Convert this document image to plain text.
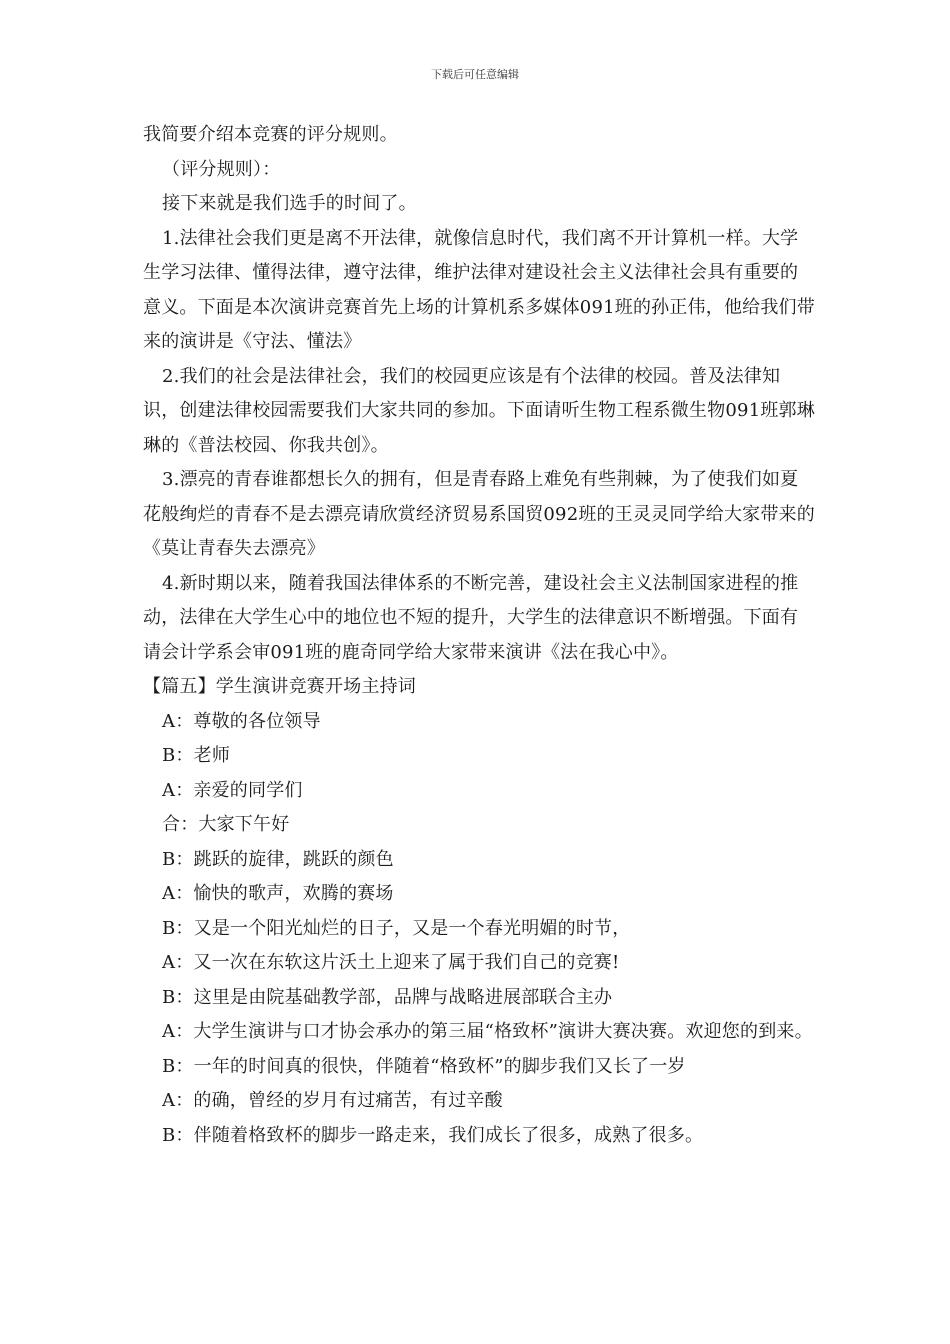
下载后可任意编辑

我简要介绍本竞赛的评分规则。

（评分规则）：

接下来就是我们选手的时间了。

1.法律社会我们更是离不开法律，就像信息时代，我们离不开计算机一样。大学生学习法律、懂得法律，遵守法律，维护法律对建设社会主义法律社会具有重要的意义。下面是本次演讲竞赛首先上场的计算机系多媒体091班的孙正伟，他给我们带来的演讲是《守法、懂法》

2.我们的社会是法律社会，我们的校园更应该是有个法律的校园。普及法律知识，创建法律校园需要我们大家共同的参加。下面请听生物工程系微生物091班郭琳琳的《普法校园、你我共创》。

3.漂亮的青春谁都想长久的拥有，但是青春路上难免有些荆棘，为了使我们如夏花般绚烂的青春不是去漂亮请欣赏经济贸易系国贸092班的王灵灵同学给大家带来的《莫让青春失去漂亮》

4.新时期以来，随着我国法律体系的不断完善，建设社会主义法制国家进程的推动，法律在大学生心中的地位也不短的提升，大学生的法律意识不断增强。下面有请会计学系会审091班的鹿奇同学给大家带来演讲《法在我心中》。

【篇五】学生演讲竞赛开场主持词

A：尊敬的各位领导

B：老师

A：亲爱的同学们

合：大家下午好

B：跳跃的旋律，跳跃的颜色

A：愉快的歌声，欢腾的赛场

B：又是一个阳光灿烂的日子，又是一个春光明媚的时节，

A：又一次在东软这片沃土上迎来了属于我们自己的竞赛!

B：这里是由院基础教学部，品牌与战略进展部联合主办

A：大学生演讲与口才协会承办的第三届“格致杯”演讲大赛决赛。欢迎您的到来。

B：一年的时间真的很快，伴随着“格致杯”的脚步我们又长了一岁

A：的确，曾经的岁月有过痛苦，有过辛酸

B：伴随着格致杯的脚步一路走来，我们成长了很多，成熟了很多。
